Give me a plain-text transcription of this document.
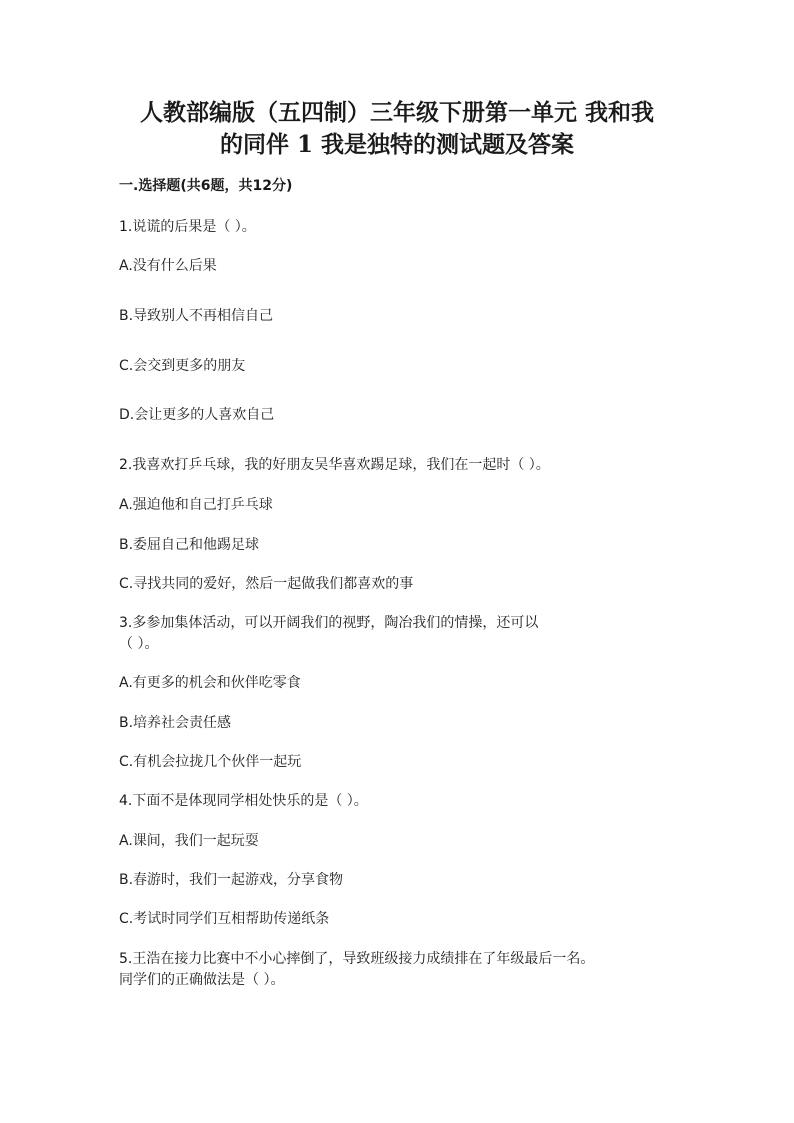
人教部编版（五四制）三年级下册第一单元 我和我
的同伴 1 我是独特的测试题及答案
一.选择题(共6题，共12分)
1.说谎的后果是（ ）。
A.没有什么后果
B.导致别人不再相信自己
C.会交到更多的朋友
D.会让更多的人喜欢自己
2.我喜欢打乒乓球，我的好朋友吴华喜欢踢足球，我们在一起时（ ）。
A.强迫他和自己打乒乓球
B.委屈自己和他踢足球
C.寻找共同的爱好，然后一起做我们都喜欢的事
3.多参加集体活动，可以开阔我们的视野，陶冶我们的情操，还可以
（ ）。
A.有更多的机会和伙伴吃零食
B.培养社会责任感
C.有机会拉拢几个伙伴一起玩
4.下面不是体现同学相处快乐的是（ ）。
A.课间，我们一起玩耍
B.春游时，我们一起游戏，分享食物
C.考试时同学们互相帮助传递纸条
5.王浩在接力比赛中不小心摔倒了，导致班级接力成绩排在了年级最后一名。
同学们的正确做法是（ ）。
